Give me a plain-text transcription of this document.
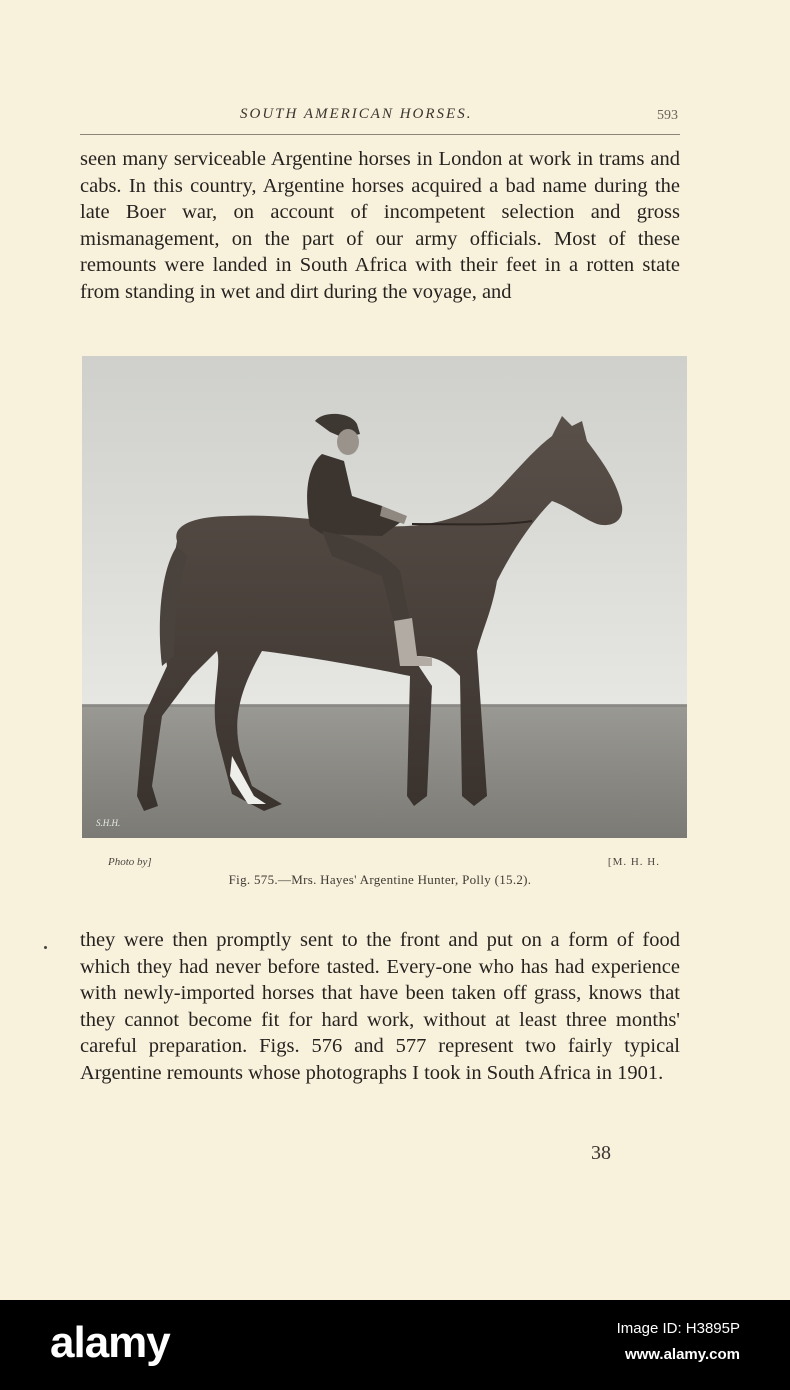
SOUTH AMERICAN HORSES.	593

seen many serviceable Argentine horses in London at work in trams and cabs. In this country, Argentine horses acquired a bad name during the late Boer war, on account of incompetent selection and gross mismanagement, on the part of our army officials. Most of these remounts were landed in South Africa with their feet in a rotten state from standing in wet and dirt during the voyage, and

S.H.H.
Photo by]	[M. H. H.
Fig. 575.—Mrs. Hayes' Argentine Hunter, Polly (15.2).

they were then promptly sent to the front and put on a form of food which they had never before tasted. Every-one who has had experience with newly-imported horses that have been taken off grass, knows that they cannot become fit for hard work, without at least three months' careful preparation. Figs. 576 and 577 represent two fairly typical Argentine remounts whose photographs I took in South Africa in 1901.

38
alamy	Image ID: H3895P
www.alamy.com
